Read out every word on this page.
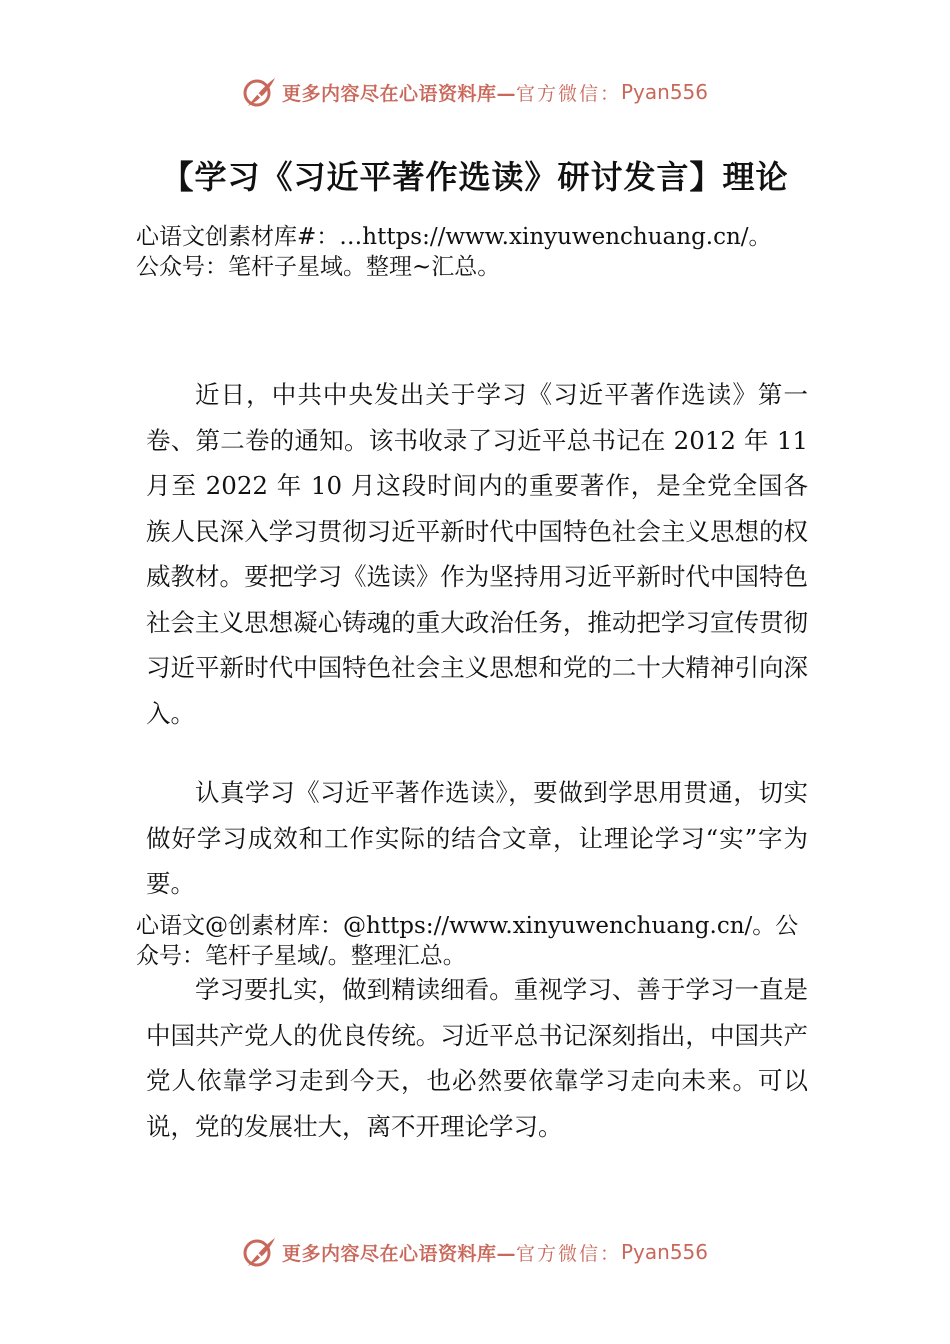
更多内容尽在心语资料库— 官方微信： Pyan556
【学习《习近平著作选读》研讨发言】理论
心语文创素材库#：…https://www.xinyuwenchuang.cn/。
公众号：笔杆子星域。整理~汇总。

近日，中共中央发出关于学习《习近平著作选读》第一卷、第二卷的通知。该书收录了习近平总书记在 2012 年 11 月至 2022 年 10 月这段时间内的重要著作，是全党全国各族人民深入学习贯彻习近平新时代中国特色社会主义思想的权威教材。要把学习《选读》作为坚持用习近平新时代中国特色社会主义思想凝心铸魂的重大政治任务，推动把学习宣传贯彻习近平新时代中国特色社会主义思想和党的二十大精神引向深入。

认真学习《习近平著作选读》，要做到学思用贯通，切实做好学习成效和工作实际的结合文章，让理论学习“实”字为要。

心语文@创素材库：@https://www.xinyuwenchuang.cn/。公
众号：笔杆子星域/。整理汇总。

学习要扎实，做到精读细看。重视学习、善于学习一直是中国共产党人的优良传统。习近平总书记深刻指出，中国共产党人依靠学习走到今天，也必然要依靠学习走向未来。可以说，党的发展壮大，离不开理论学习。

更多内容尽在心语资料库— 官方微信： Pyan556
